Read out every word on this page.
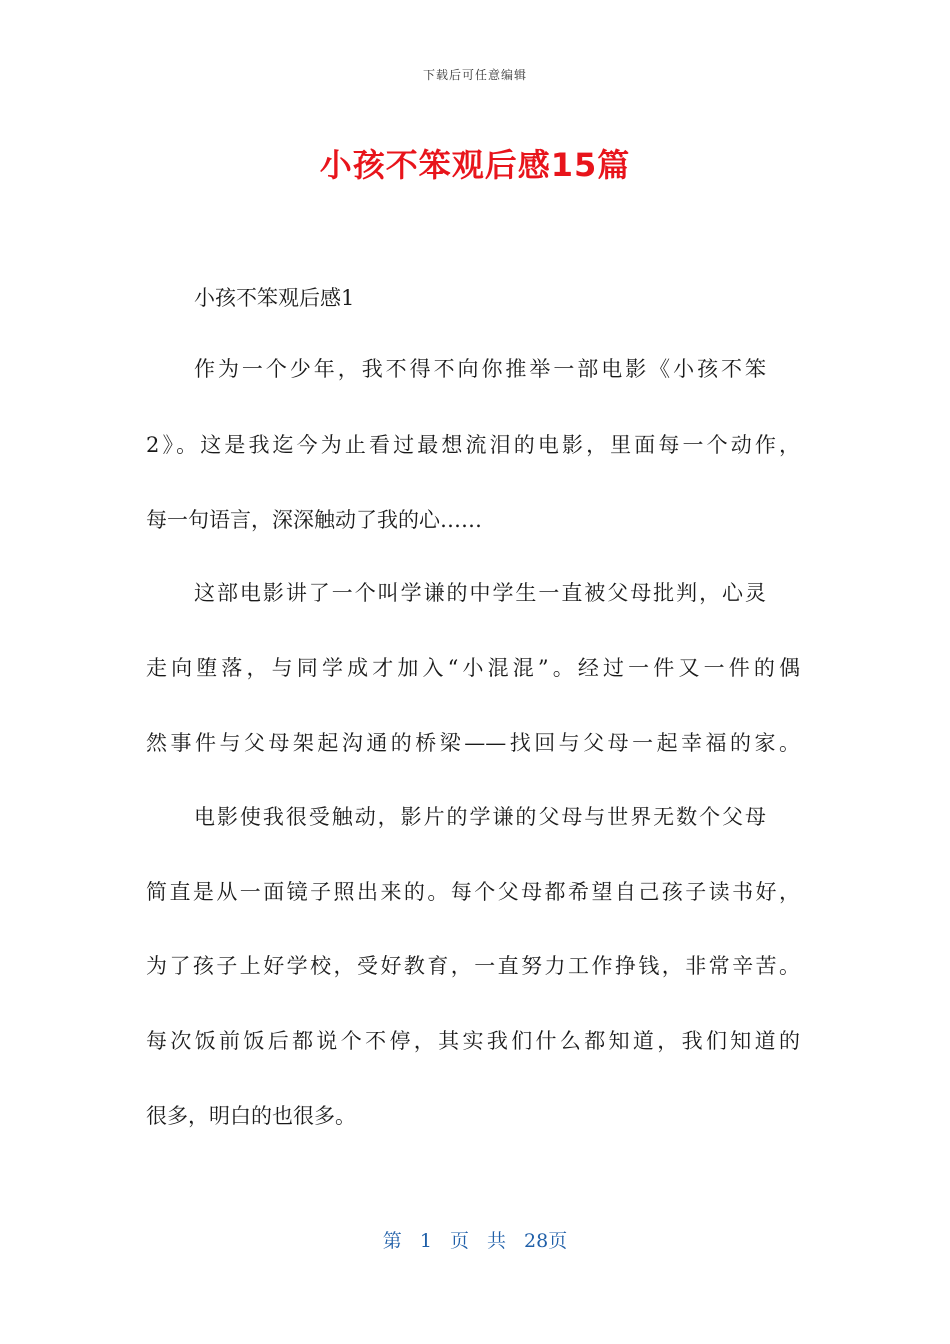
下载后可任意编辑
小孩不笨观后感15篇
小孩不笨观后感1
作为一个少年，我不得不向你推举一部电影《小孩不笨
2》。这是我迄今为止看过最想流泪的电影，里面每一个动作，
每一句语言，深深触动了我的心……
这部电影讲了一个叫学谦的中学生一直被父母批判，心灵
走向堕落，与同学成才加入“小混混”。经过一件又一件的偶
然事件与父母架起沟通的桥梁——找回与父母一起幸福的家。
电影使我很受触动，影片的学谦的父母与世界无数个父母
简直是从一面镜子照出来的。每个父母都希望自己孩子读书好，
为了孩子上好学校，受好教育，一直努力工作挣钱，非常辛苦。
每次饭前饭后都说个不停，其实我们什么都知道，我们知道的
很多，明白的也很多。
第 1 页 共 28页
